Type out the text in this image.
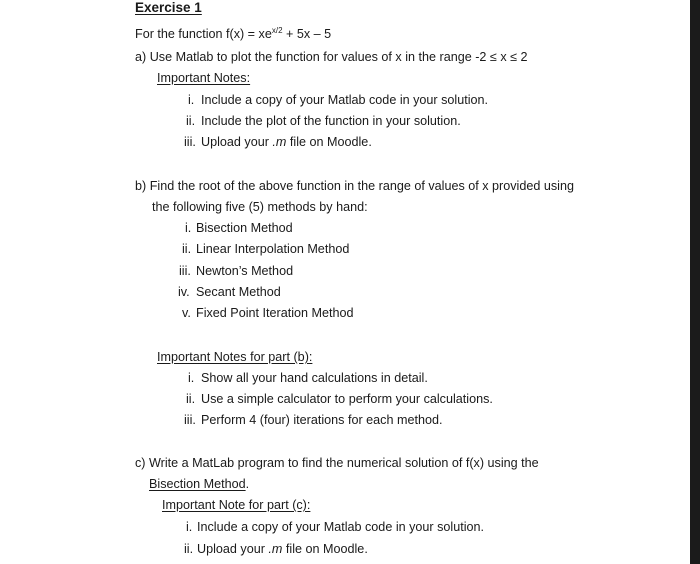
Exercise 1
For the function $f(x) = xe^{x/2} + 5x - 5$
a) Use Matlab to plot the function for values of x in the range -2 ≤ x ≤ 2
Important Notes:
i. Include a copy of your Matlab code in your solution.
ii. Include the plot of the function in your solution.
iii. Upload your .m file on Moodle.
b) Find the root of the above function in the range of values of x provided using
the following five (5) methods by hand:
i. Bisection Method
ii. Linear Interpolation Method
iii. Newton’s Method
iv. Secant Method
v. Fixed Point Iteration Method
Important Notes for part (b):
i. Show all your hand calculations in detail.
ii. Use a simple calculator to perform your calculations.
iii. Perform 4 (four) iterations for each method.
c) Write a MatLab program to find the numerical solution of f(x) using the
Bisection Method.
Important Note for part (c):
i. Include a copy of your Matlab code in your solution.
ii. Upload your .m file on Moodle.
